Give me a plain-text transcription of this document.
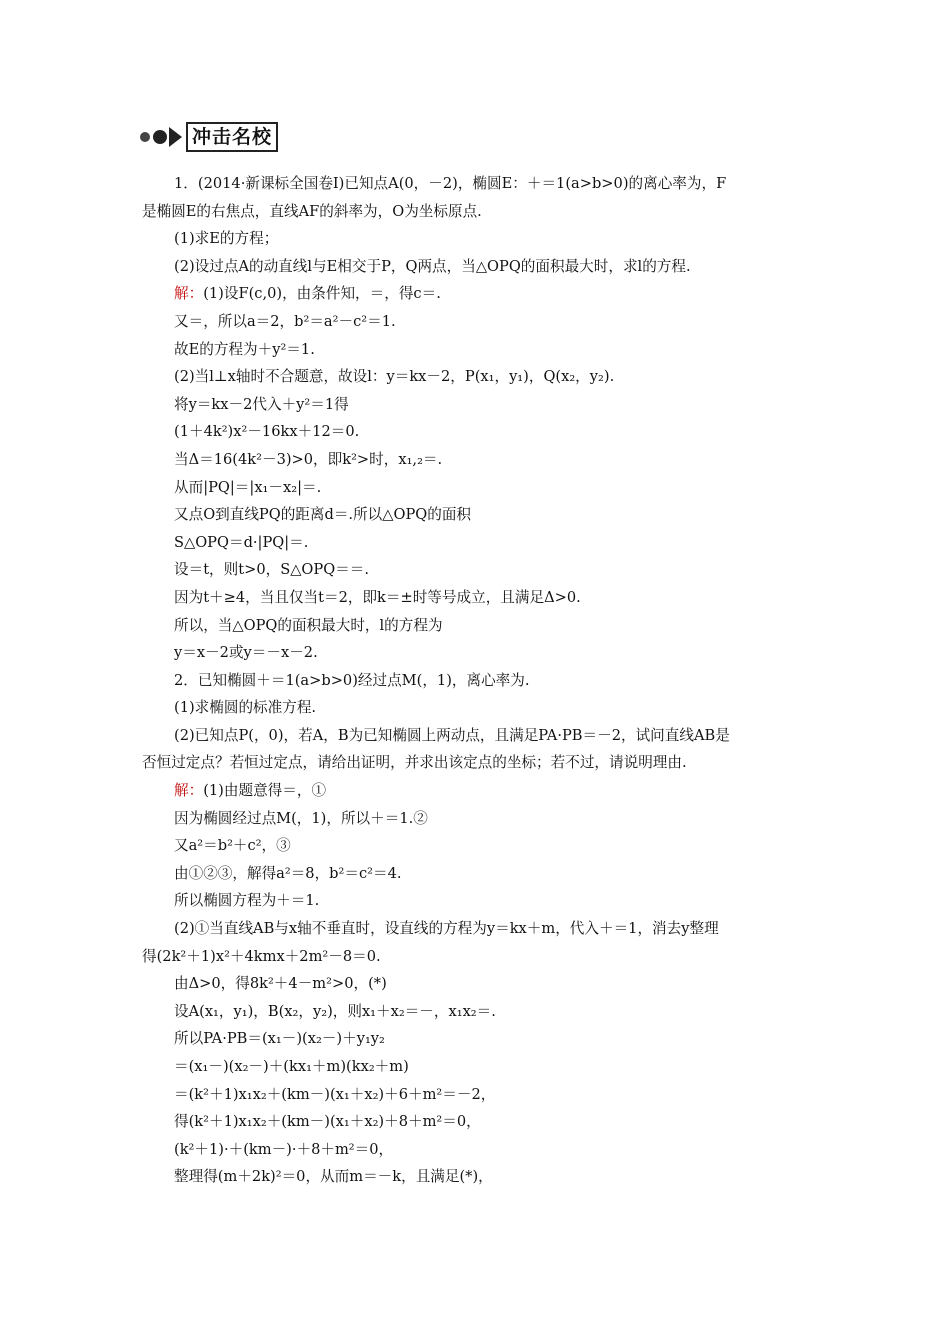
冲击名校
1．(2014·新课标全国卷Ⅰ)已知点A(0，－2)，椭圆E：＋＝1(a>b>0)的离心率为，F
是椭圆E的右焦点，直线AF的斜率为，O为坐标原点.
(1)求E的方程；
(2)设过点A的动直线l与E相交于P，Q两点，当△OPQ的面积最大时，求l的方程.
解：(1)设F(c,0)，由条件知，＝，得c＝.
又＝，所以a＝2，b²＝a²－c²＝1.
故E的方程为＋y²＝1.
(2)当l⊥x轴时不合题意，故设l：y＝kx－2，P(x₁，y₁)，Q(x₂，y₂).
将y＝kx－2代入＋y²＝1得
(1＋4k²)x²－16kx＋12＝0.
当Δ＝16(4k²－3)>0，即k²>时，x₁,₂＝.
从而|PQ|＝|x₁－x₂|＝.
又点O到直线PQ的距离d＝.所以△OPQ的面积
S△OPQ＝d·|PQ|＝.
设＝t，则t>0，S△OPQ＝＝.
因为t＋≥4，当且仅当t＝2，即k＝±时等号成立，且满足Δ>0.
所以，当△OPQ的面积最大时，l的方程为
y＝x－2或y＝－x－2.
2．已知椭圆＋＝1(a>b>0)经过点M(，1)，离心率为.
(1)求椭圆的标准方程.
(2)已知点P(，0)，若A，B为已知椭圆上两动点，且满足PA·PB＝－2，试问直线AB是
否恒过定点？若恒过定点，请给出证明，并求出该定点的坐标；若不过，请说明理由.
解：(1)由题意得＝，①
因为椭圆经过点M(，1)，所以＋＝1.②
又a²＝b²＋c²，③
由①②③，解得a²＝8，b²＝c²＝4.
所以椭圆方程为＋＝1.
(2)①当直线AB与x轴不垂直时，设直线的方程为y＝kx＋m，代入＋＝1，消去y整理
得(2k²＋1)x²＋4kmx＋2m²－8＝0.
由Δ>0，得8k²＋4－m²>0，(*)
设A(x₁，y₁)，B(x₂，y₂)，则x₁＋x₂＝－，x₁x₂＝.
所以PA·PB＝(x₁－)(x₂－)＋y₁y₂
＝(x₁－)(x₂－)＋(kx₁＋m)(kx₂＋m)
＝(k²＋1)x₁x₂＋(km－)(x₁＋x₂)＋6＋m²＝－2，
得(k²＋1)x₁x₂＋(km－)(x₁＋x₂)＋8＋m²＝0，
(k²＋1)·＋(km－)·＋8＋m²＝0，
整理得(m＋2k)²＝0，从而m＝－k，且满足(*)，
